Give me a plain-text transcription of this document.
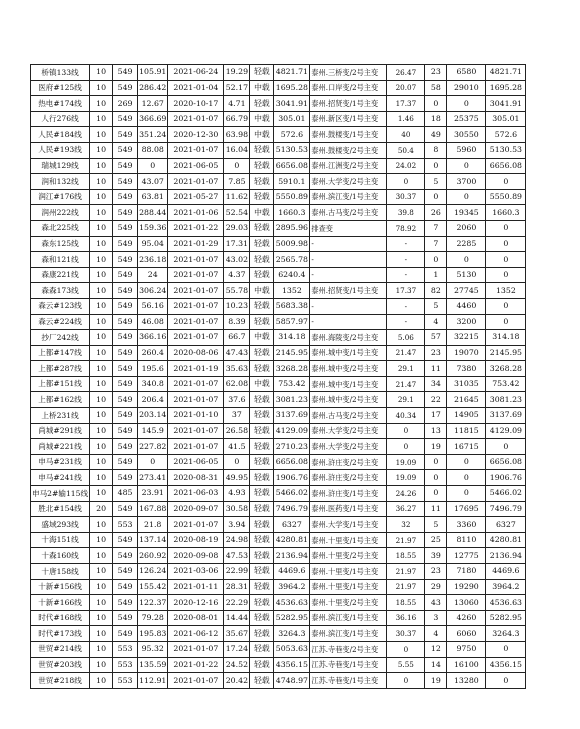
桥镇133线	10	549	105.91	2021-06-24	19.29	轻载	4821.71	泰州.三桥变/2号主变	26.47	23	6580	4821.71
医府#125线	10	549	286.42	2021-01-04	52.17	中载	1695.28	泰州.口岸变/2号主变	20.07	58	29010	1695.28
热电#174线	10	269	12.67	2020-10-17	4.71	轻载	3041.91	泰州.招贤变/1号主变	17.37	0	0	3041.91
人行276线	10	549	366.69	2021-01-07	66.79	中载	305.01	泰州.新区变/1号主变	1.46	18	25375	305.01
人民#184线	10	549	351.24	2020-12-30	63.98	中载	572.6	泰州.鼓楼变/1号主变	40	49	30550	572.6
人民#193线	10	549	88.08	2021-01-07	16.04	轻载	5130.53	泰州.鼓楼变/2号主变	50.4	8	5960	5130.53
瑞城129线	10	549	0	2021-06-05	0	轻载	6656.08	泰州.江洲变/2号主变	24.02	0	0	6656.08
润和132线	10	549	43.07	2021-01-07	7.85	轻载	5910.1	泰州.大学变/2号主变	0	5	3700	0
润江#176线	10	549	63.81	2021-05-27	11.62	轻载	5550.89	泰州.滨江变/1号主变	30.37	0	0	5550.89
润州222线	10	549	288.44	2021-01-06	52.54	中载	1660.3	泰州.古马变/2号主变	39.8	26	19345	1660.3
森北225线	10	549	159.36	2021-01-22	29.03	轻载	2895.96	排查变	78.92	7	2060	0
森东125线	10	549	95.04	2021-01-29	17.31	轻载	5009.98	-	-	7	2285	0
森和121线	10	549	236.18	2021-01-07	43.02	轻载	2565.78	-	-	0	0	0
森康221线	10	549	24	2021-01-07	4.37	轻载	6240.4	-	-	1	5130	0
森森173线	10	549	306.24	2021-01-07	55.78	中载	1352	泰州.招贤变/1号主变	17.37	82	27745	1352
森云#123线	10	549	56.16	2021-01-07	10.23	轻载	5683.38	-	-	5	4460	0
森云#224线	10	549	46.08	2021-01-07	8.39	轻载	5857.97	-	-	4	3200	0
抄厂242线	10	549	366.16	2021-01-07	66.7	中载	314.18	泰州.海陵变/2号主变	5.06	57	32215	314.18
上都#147线	10	549	260.4	2020-08-06	47.43	轻载	2145.95	泰州.城中变/1号主变	21.47	23	19070	2145.95
上都#287线	10	549	195.6	2021-01-19	35.63	轻载	3268.28	泰州.城中变/2号主变	29.1	11	7380	3268.28
上都#151线	10	549	340.8	2021-01-07	62.08	中载	753.42	泰州.城中变/1号主变	21.47	34	31035	753.42
上都#162线	10	549	206.4	2021-01-07	37.6	轻载	3081.23	泰州.城中变/2号主变	29.1	22	21645	3081.23
上桥231线	10	549	203.14	2021-01-10	37	轻载	3137.69	泰州.古马变/2号主变	40.34	17	14905	3137.69
尚城#291线	10	549	145.9	2021-01-07	26.58	轻载	4129.09	泰州.大学变/2号主变	0	13	11815	4129.09
尚城#221线	10	549	227.82	2021-01-07	41.5	轻载	2710.23	泰州.大学变/2号主变	0	19	16715	0
申马#231线	10	549	0	2021-06-05	0	轻载	6656.08	泰州.浒庄变/2号主变	19.09	0	0	6656.08
申马#241线	10	549	273.41	2020-08-31	49.95	轻载	1906.76	泰州.浒庄变/2号主变	19.09	0	0	1906.76
申马2#输115线	10	485	23.91	2021-06-03	4.93	轻载	5466.02	泰州.浒庄变/1号主变	24.26	0	0	5466.02
胜北#154线	20	549	167.88	2020-09-07	30.58	轻载	7496.79	泰州.医药变/1号主变	36.27	11	17695	7496.79
盛域293线	10	553	21.8	2021-01-07	3.94	轻载	6327	泰州.大学变/1号主变	32	5	3360	6327
十海151线	10	549	137.14	2020-08-19	24.98	轻载	4280.81	泰州.十里变/1号主变	21.97	25	8110	4280.81
十森160线	10	549	260.92	2020-09-08	47.53	轻载	2136.94	泰州.十里变/2号主变	18.55	39	12775	2136.94
十唐158线	10	549	126.24	2021-03-06	22.99	轻载	4469.6	泰州.十里变/1号主变	21.97	23	7180	4469.6
十新#156线	10	549	155.42	2021-01-11	28.31	轻载	3964.2	泰州.十里变/1号主变	21.97	29	19290	3964.2
十新#166线	10	549	122.37	2020-12-16	22.29	轻载	4536.63	泰州.十里变/2号主变	18.55	43	13060	4536.63
时代#168线	10	549	79.28	2020-08-01	14.44	轻载	5282.95	泰州.滨江变/1号主变	36.16	3	4260	5282.95
时代#173线	10	549	195.83	2021-06-12	35.67	轻载	3264.3	泰州.滨江变/1号主变	30.37	4	6060	3264.3
世贸#214线	10	553	95.32	2021-01-07	17.24	轻载	5053.63	江苏.寺巷变/2号主变	0	12	9750	0
世贸#203线	10	553	135.59	2021-01-22	24.52	轻载	4356.15	江苏.寺巷变/1号主变	5.55	14	16100	4356.15
世贸#218线	10	553	112.91	2021-01-07	20.42	轻载	4748.97	江苏.寺巷变/1号主变	0	19	13280	0
